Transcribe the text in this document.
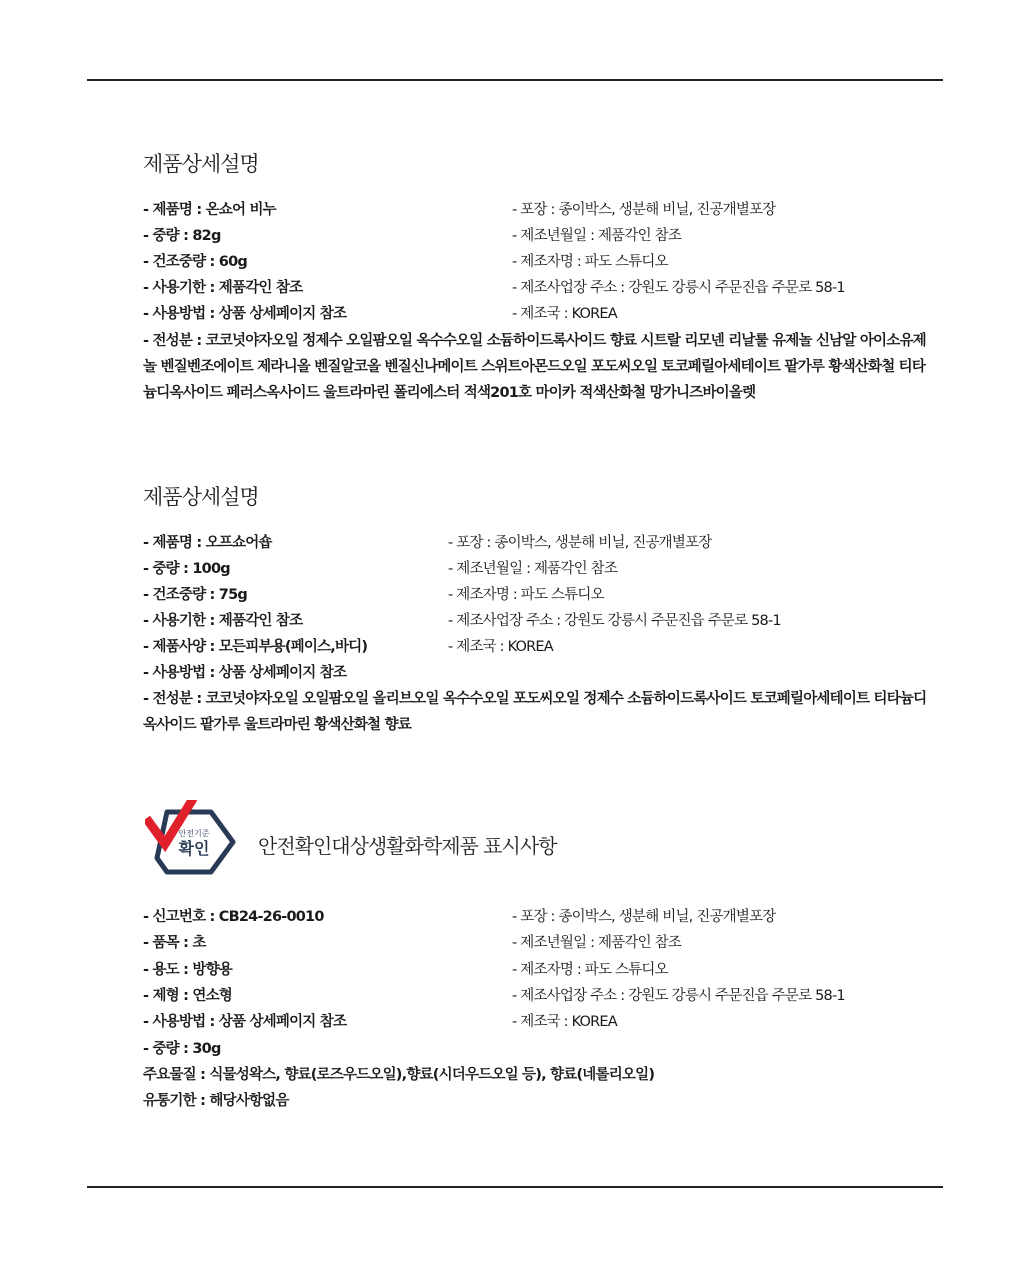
제품상세설명
- 제품명 : 온쇼어 비누
- 중량 : 82g
- 건조중량 : 60g
- 사용기한 : 제품각인 참조
- 사용방법 : 상품 상세페이지 참조
- 포장 : 종이박스, 생분해 비닐, 진공개별포장
- 제조년월일 : 제품각인 참조
- 제조자명 : 파도 스튜디오
- 제조사업장 주소 : 강원도 강릉시 주문진읍 주문로 58-1
- 제조국 : KOREA
- 전성분 : 코코넛야자오일 정제수 오일팜오일 옥수수오일 소듐하이드록사이드 향료 시트랄 리모넨 리날룰 유제놀 신남알 아이소유제놀 벤질벤조에이트 제라니올 벤질알코올 벤질신나메이트 스위트아몬드오일 포도씨오일 토코페릴아세테이트 팥가루 황색산화철 티타늄디옥사이드 페러스옥사이드 울트라마린 폴리에스터 적색201호 마이카 적색산화철 망가니즈바이올렛
제품상세설명
- 제품명 : 오프쇼어숍
- 중량 : 100g
- 건조중량 : 75g
- 사용기한 : 제품각인 참조
- 제품사양 : 모든피부용(페이스,바디)
- 사용방법 : 상품 상세페이지 참조
- 포장 : 종이박스, 생분해 비닐, 진공개별포장
- 제조년월일 : 제품각인 참조
- 제조자명 : 파도 스튜디오
- 제조사업장 주소 : 강원도 강릉시 주문진읍 주문로 58-1
- 제조국 : KOREA
- 전성분 : 코코넛야자오일 오일팜오일 올리브오일 옥수수오일 포도씨오일 정제수 소듐하이드록사이드 토코페릴아세테이트 티타늄디옥사이드 팥가루 울트라마린 황색산화철 향료
안전기준
확인 안전확인대상생활화학제품 표시사항
- 신고번호 : CB24-26-0010
- 품목 : 초
- 용도 : 방향용
- 제형 : 연소형
- 사용방법 : 상품 상세페이지 참조
- 중량 : 30g
주요물질 : 식물성왁스, 향료(로즈우드오일),향료(시더우드오일 등), 향료(네롤리오일)
유통기한 : 해당사항없음
- 포장 : 종이박스, 생분해 비닐, 진공개별포장
- 제조년월일 : 제품각인 참조
- 제조자명 : 파도 스튜디오
- 제조사업장 주소 : 강원도 강릉시 주문진읍 주문로 58-1
- 제조국 : KOREA
